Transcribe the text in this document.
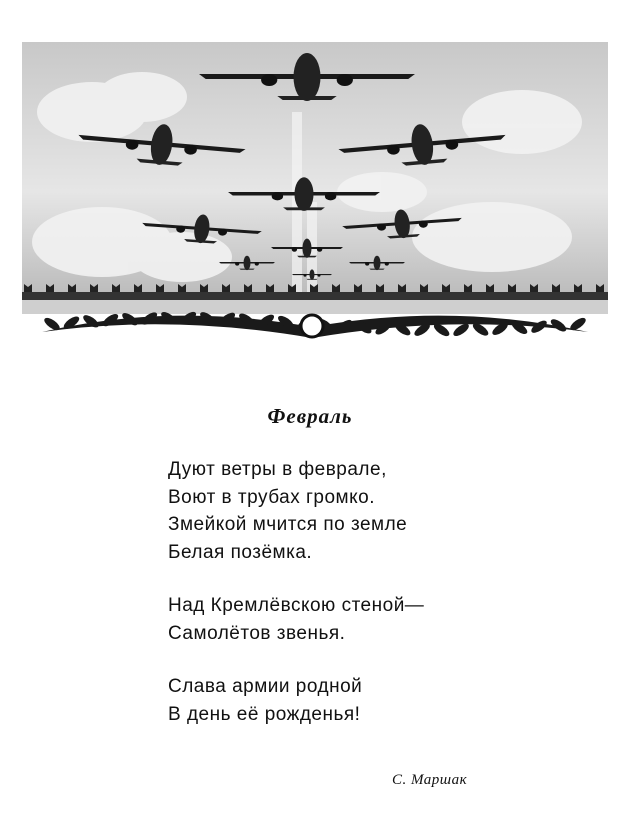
Февраль
Дуют ветры в феврале,
Воют в трубах громко.
Змейкой мчится по земле
Белая позёмка.
Над Кремлёвскою стеной—
Самолётов звенья.
Слава армии родной
В день её рожденья!
С. Маршак
